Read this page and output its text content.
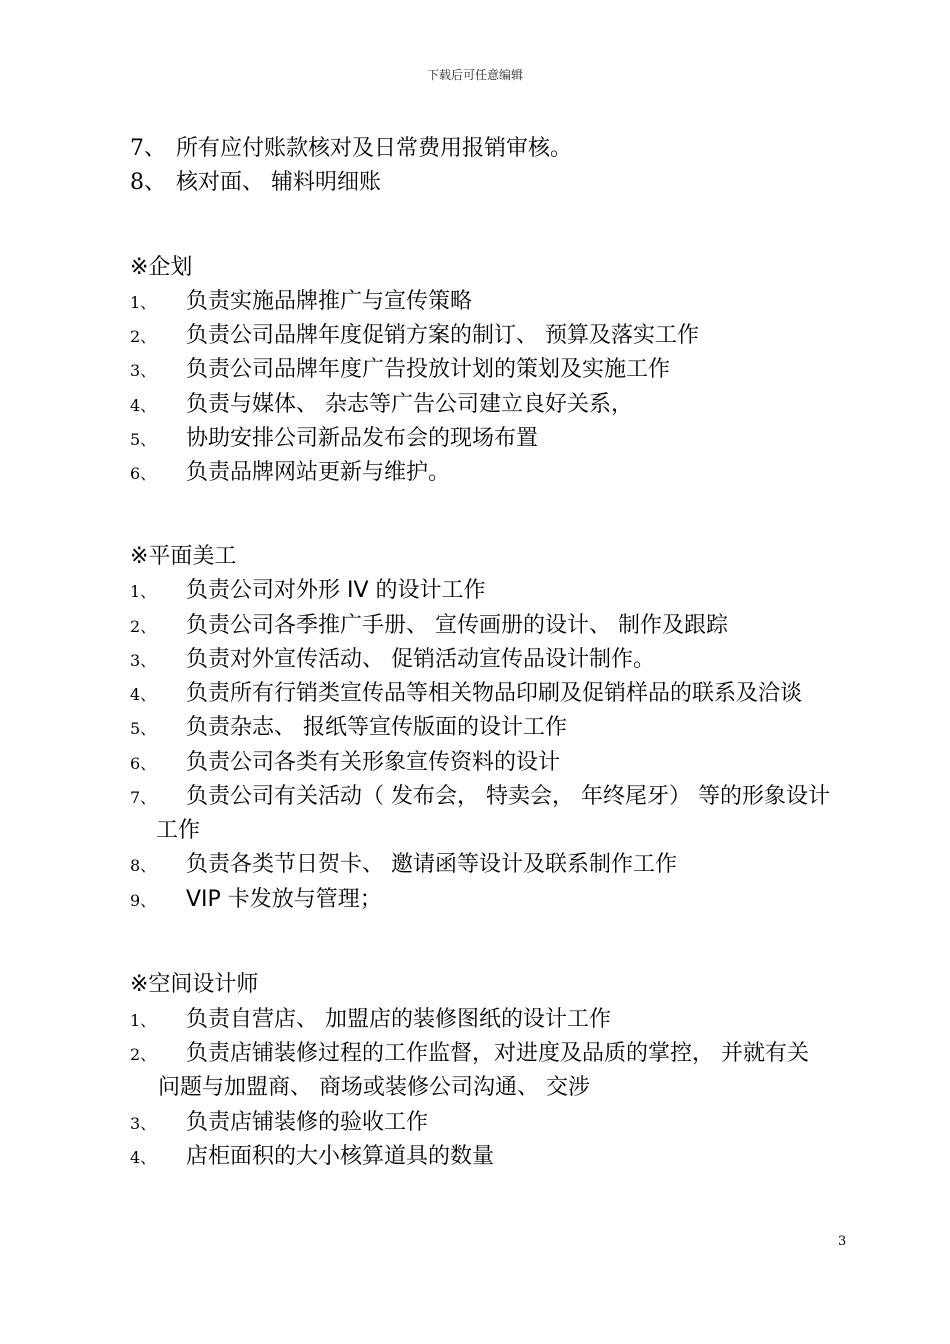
下载后可任意编辑
7、 所有应付账款核对及日常费用报销审核。
8、 核对面、 辅料明细账
※企划
1、 负责实施品牌推广与宣传策略
2、 负责公司品牌年度促销方案的制订、 预算及落实工作
3、 负责公司品牌年度广告投放计划的策划及实施工作
4、 负责与媒体、 杂志等广告公司建立良好关系，
5、 协助安排公司新品发布会的现场布置
6、 负责品牌网站更新与维护。
※平面美工
1、 负责公司对外形 IV 的设计工作
2、 负责公司各季推广手册、 宣传画册的设计、 制作及跟踪
3、 负责对外宣传活动、 促销活动宣传品设计制作。
4、 负责所有行销类宣传品等相关物品印刷及促销样品的联系及洽谈
5、 负责杂志、 报纸等宣传版面的设计工作
6、 负责公司各类有关形象宣传资料的设计
7、 负责公司有关活动（ 发布会， 特卖会， 年终尾牙） 等的形象设计
工作
8、 负责各类节日贺卡、 邀请函等设计及联系制作工作
9、 VIP 卡发放与管理；
※空间设计师
1、 负责自营店、 加盟店的装修图纸的设计工作
2、 负责店铺装修过程的工作监督，对进度及品质的掌控， 并就有关
问题与加盟商、 商场或装修公司沟通、 交涉
3、 负责店铺装修的验收工作
4、 店柜面积的大小核算道具的数量
3
